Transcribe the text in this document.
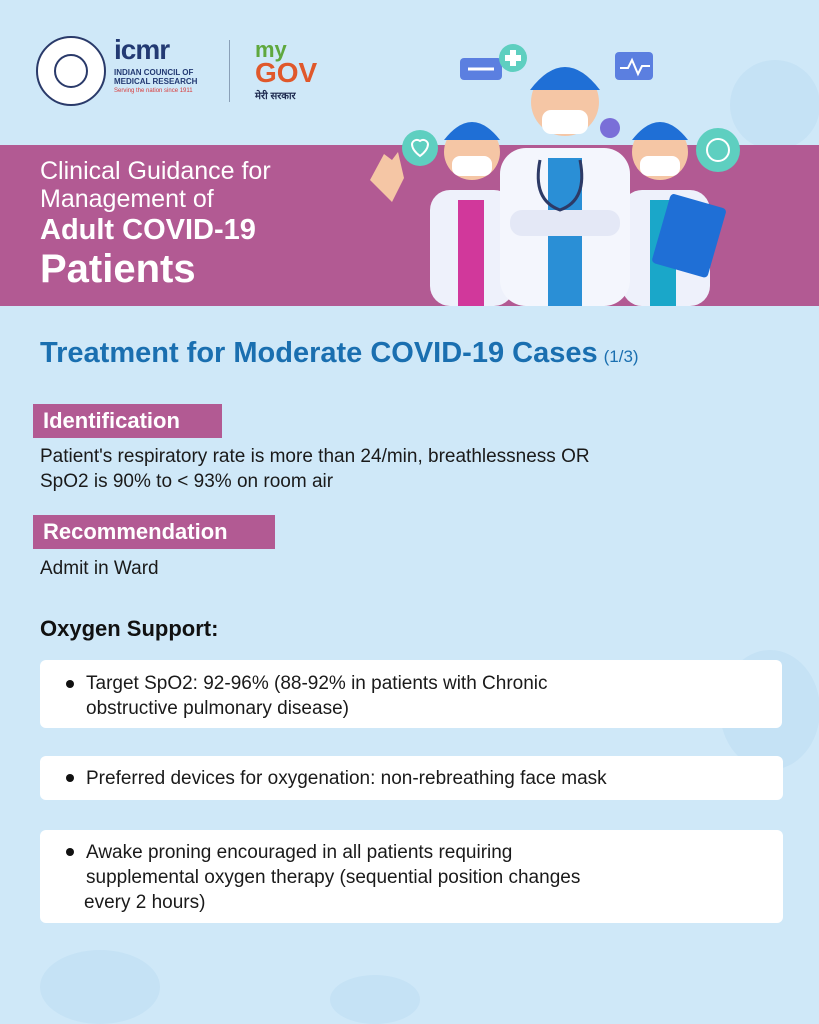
icmr
INDIAN COUNCIL OF
MEDICAL RESEARCH
Serving the nation since 1911
my
GOV
मेरी सरकार
Clinical Guidance for
Management of
Adult COVID-19
Patients
Treatment for Moderate COVID-19 Cases (1/3)
Identification
Patient's respiratory rate is more than 24/min, breathlessness OR
SpO2 is 90% to < 93% on room air
Recommendation
Admit in Ward
Oxygen Support:
Target SpO2: 92-96% (88-92% in patients with Chronic
obstructive pulmonary disease)
Preferred devices for oxygenation: non-rebreathing face mask
Awake proning encouraged in all patients requiring
supplemental oxygen therapy (sequential position changes
every 2 hours)
